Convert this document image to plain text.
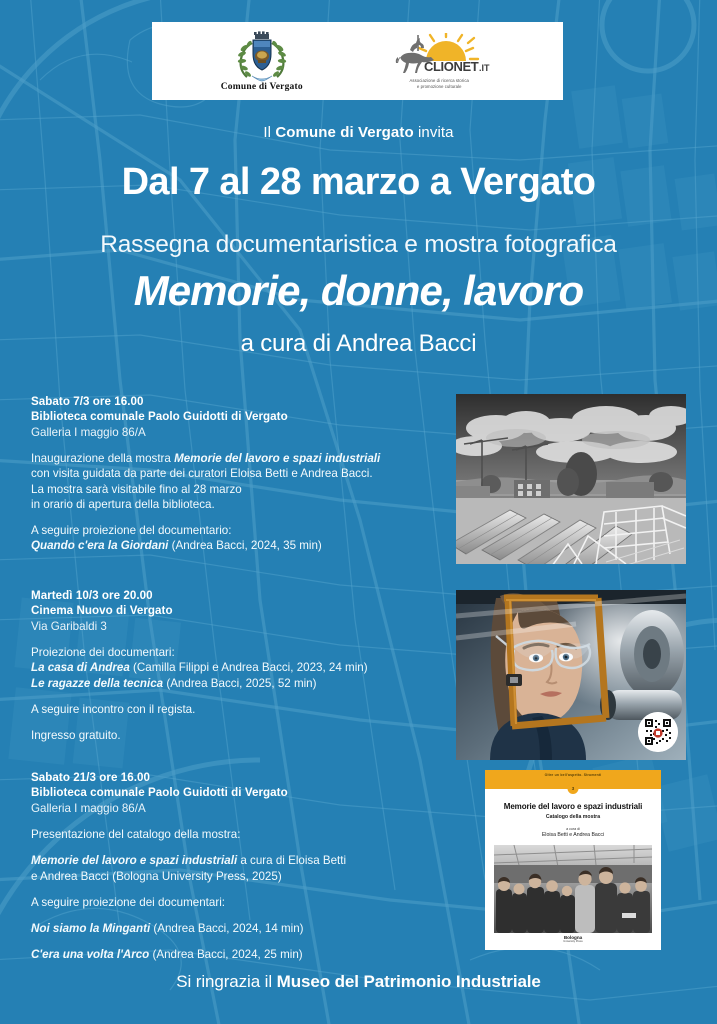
Comune di Vergato
CLIONET .IT
Associazione di ricerca storica
e promozione culturale
Il Comune di Vergato invita
Dal 7 al 28 marzo a Vergato
Rassegna documentaristica e mostra fotografica
Memorie, donne, lavoro
a cura di Andrea Bacci
Sabato 7/3 ore 16.00
Biblioteca comunale Paolo Guidotti di Vergato
Galleria I maggio 86/A

Inaugurazione della mostra Memorie del lavoro e spazi industriali
con visita guidata da parte dei curatori Eloisa Betti e Andrea Bacci.
La mostra sarà visitabile fino al 28 marzo
in orario di apertura della biblioteca.

A seguire proiezione del documentario:
Quando c'era la Giordani (Andrea Bacci, 2024, 35 min)

Martedì 10/3 ore 20.00
Cinema Nuovo di Vergato
Via Garibaldi 3

Proiezione dei documentari:
La casa di Andrea (Camilla Filippi e Andrea Bacci, 2023, 24 min)
Le ragazze della tecnica (Andrea Bacci, 2025, 52 min)

A seguire incontro con il regista.

Ingresso gratuito.

Sabato 21/3 ore 16.00
Biblioteca comunale Paolo Guidotti di Vergato
Galleria I maggio 86/A

Presentazione del catalogo della mostra:

Memorie del lavoro e spazi industriali a cura di Eloisa Betti
e Andrea Bacci (Bologna University Press, 2025)

A seguire proiezione dei documentari:

Noi siamo la Minganti (Andrea Bacci, 2024, 14 min)

C'era una volta l'Arco (Andrea Bacci, 2024, 25 min)

Oltre un bell'aspetto. Strumenti
3
Memorie del lavoro e spazi industriali
Catalogo della mostra
a cura di
Eloisa Betti e Andrea Bacci
Bologna
University Press
Si ringrazia il Museo del Patrimonio Industriale
